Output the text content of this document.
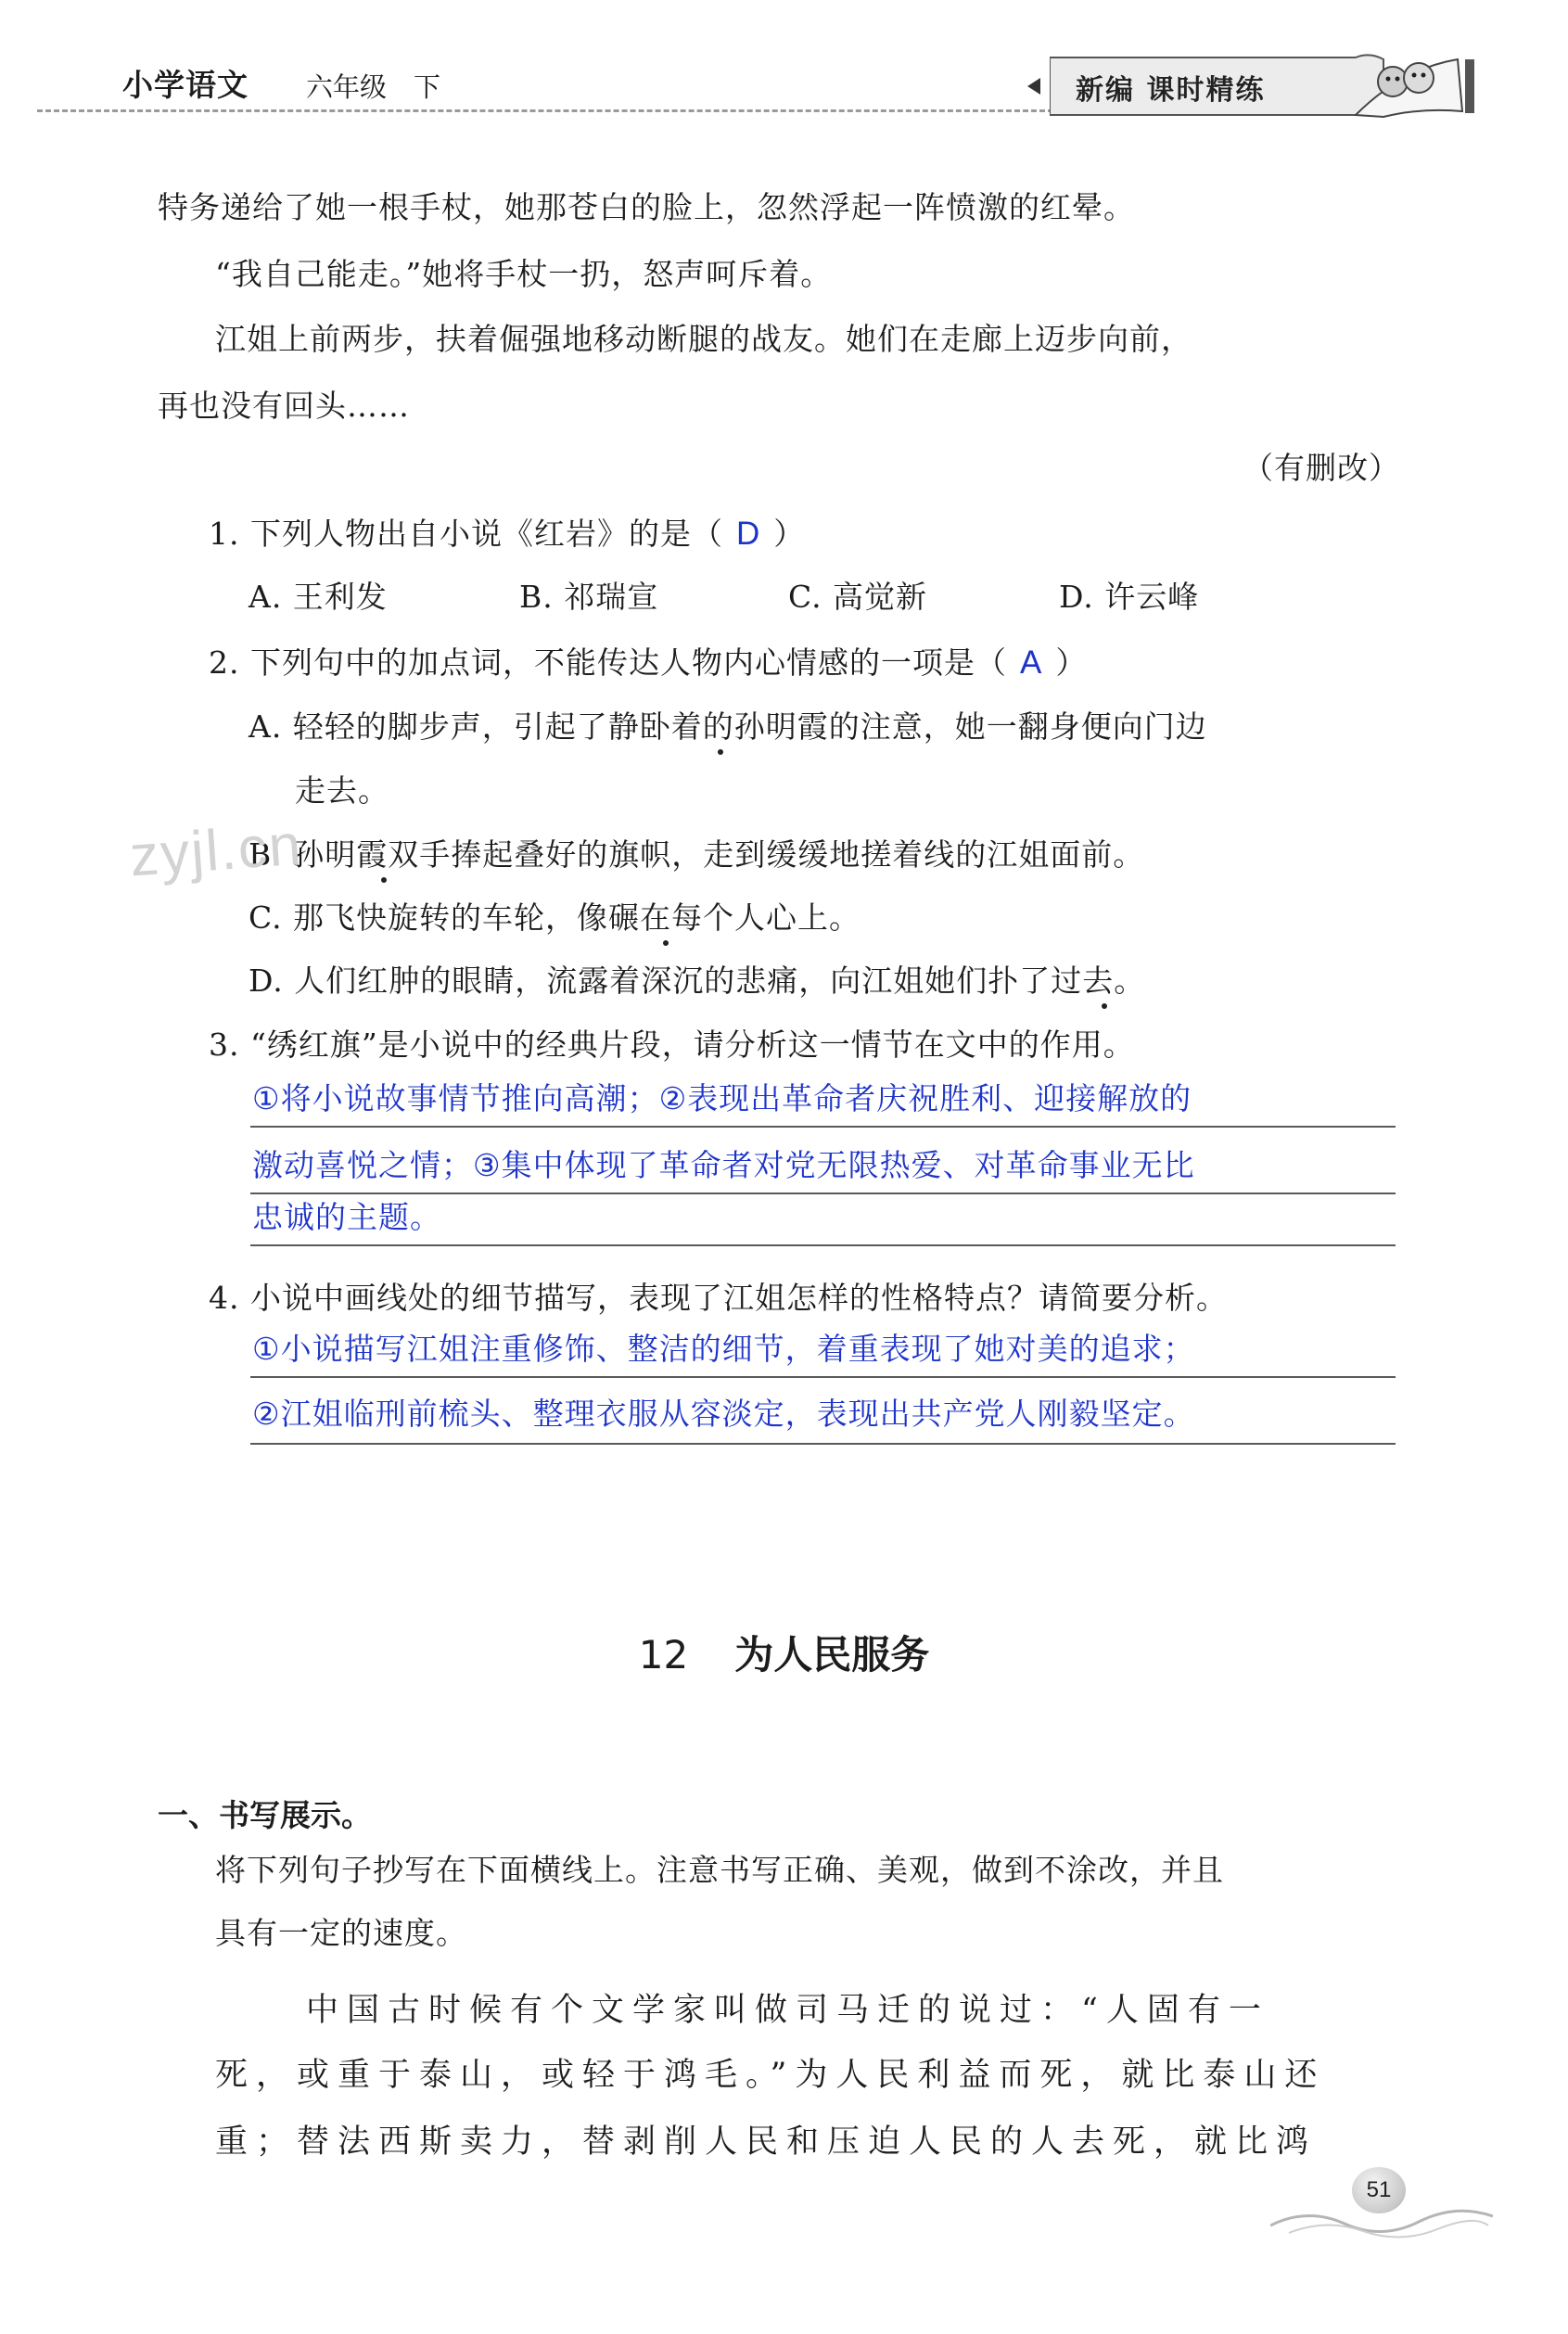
小学语文 六年级　下	新编 课时精练
特务递给了她一根手杖，她那苍白的脸上，忽然浮起一阵愤激的红晕。
“我自己能走。”她将手杖一扔，怒声呵斥着。
江姐上前两步，扶着倔强地移动断腿的战友。她们在走廊上迈步向前，
再也没有回头……
（有删改）
1. 下列人物出自小说《红岩》的是（ D ）
A. 王利发	B. 祁瑞宣	C. 高觉新	D. 许云峰
2. 下列句中的加点词，不能传达人物内心情感的一项是（ A ）
A. 轻轻的脚步声，引起了静卧着的孙明霞的注意，她一翻身便向门边
走去。
B. 孙明霞双手捧起叠好的旗帜，走到缓缓地搓着线的江姐面前。
C. 那飞快旋转的车轮，像碾在每个人心上。
D. 人们红肿的眼睛，流露着深沉的悲痛，向江姐她们扑了过去。
3. “绣红旗”是小说中的经典片段，请分析这一情节在文中的作用。
①将小说故事情节推向高潮；②表现出革命者庆祝胜利、迎接解放的
激动喜悦之情；③集中体现了革命者对党无限热爱、对革命事业无比
忠诚的主题。
4. 小说中画线处的细节描写，表现了江姐怎样的性格特点？请简要分析。
①小说描写江姐注重修饰、整洁的细节，着重表现了她对美的追求；
②江姐临刑前梳头、整理衣服从容淡定，表现出共产党人刚毅坚定。
12 为人民服务
一、书写展示。
将下列句子抄写在下面横线上。注意书写正确、美观，做到不涂改，并且
具有一定的速度。
中国古时候有个文学家叫做司马迁的说过：“人固有一
死，或重于泰山，或轻于鸿毛。”为人民利益而死，就比泰山还
重；替法西斯卖力，替剥削人民和压迫人民的人去死，就比鸿
zyjl.cn
51
